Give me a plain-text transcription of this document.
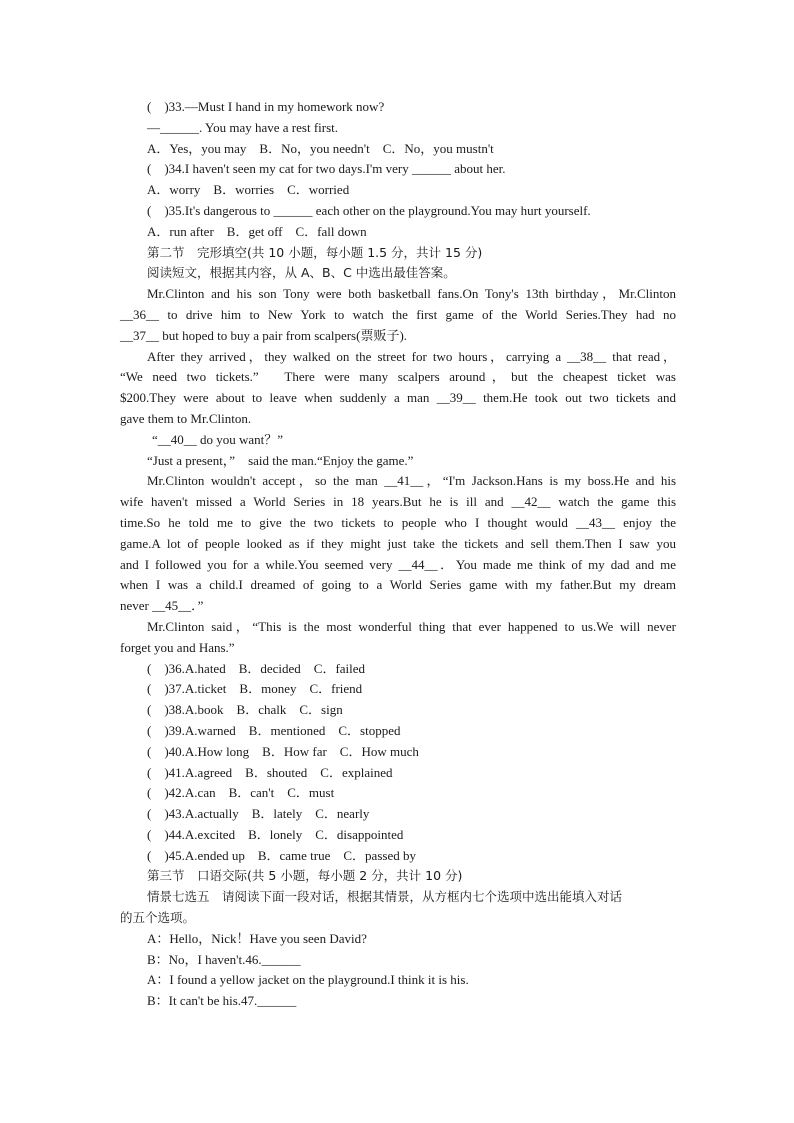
(　)33.—Must I hand in my homework now?
—______. You may have a rest first.
A．Yes，you may　B．No，you needn't　C．No，you mustn't
(　)34.I haven't seen my cat for two days.I'm very ______ about her.
A．worry　B．worries　C．worried
(　)35.It's dangerous to ______ each other on the playground.You may hurt yourself.
A．run after　B．get off　C．fall down
第二节　完形填空(共 10 小题，每小题 1.5 分，共计 15 分)
阅读短文，根据其内容，从 A、B、C 中选出最佳答案。
Mr.Clinton and his son Tony were both basketball fans.On Tony's 13th birthday，Mr.Clinton
__36__ to drive him to New York to watch the first game of the World Series.They had no
__37__ but hoped to buy a pair from scalpers(票贩子).
After they arrived，they walked on the street for two hours，carrying a __38__ that read，
“We need two tickets.”　There were many scalpers around，but the cheapest ticket was
$200.They were about to leave when suddenly a man __39__ them.He took out two tickets and
gave them to Mr.Clinton.
“__40__ do you want？”
“Just a present，”　said the man.“Enjoy the game.”
Mr.Clinton wouldn't accept，so the man __41__，“I'm Jackson.Hans is my boss.He and his
wife haven't missed a World Series in 18 years.But he is ill and __42__ watch the game this
time.So he told me to give the two tickets to people who I thought would __43__ enjoy the
game.A lot of people looked as if they might just take the tickets and sell them.Then I saw you
and I followed you for a while.You seemed very __44__．You made me think of my dad and me
when I was a child.I dreamed of going to a World Series game with my father.But my dream
never __45__．”
Mr.Clinton said，“This is the most wonderful thing that ever happened to us.We will never
forget you and Hans.”
(　)36.A.hated　B．decided　C．failed
(　)37.A.ticket　B．money　C．friend
(　)38.A.book　B．chalk　C．sign
(　)39.A.warned　B．mentioned　C．stopped
(　)40.A.How long　B．How far　C．How much
(　)41.A.agreed　B．shouted　C．explained
(　)42.A.can　B．can't　C．must
(　)43.A.actually　B．lately　C．nearly
(　)44.A.excited　B．lonely　C．disappointed
(　)45.A.ended up　B．came true　C．passed by
第三节　口语交际(共 5 小题，每小题 2 分，共计 10 分)
情景七选五　请阅读下面一段对话，根据其情景，从方框内七个选项中选出能填入对话
的五个选项。
A：Hello，Nick！Have you seen David?
B：No，I haven't.46.______
A：I found a yellow jacket on the playground.I think it is his.
B：It can't be his.47.______
